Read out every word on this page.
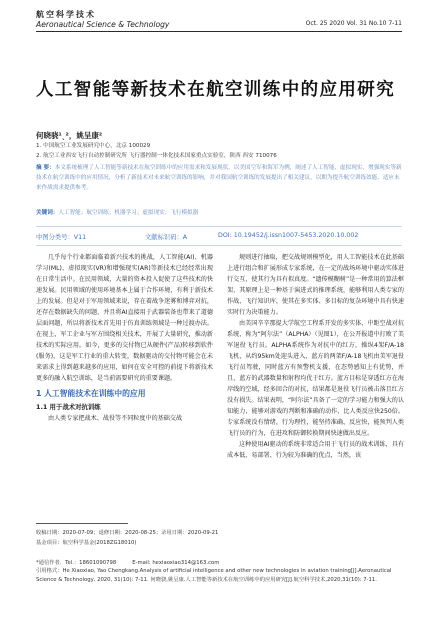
航空科学技术
Aeronautical Science & Technology	Oct. 25 2020 Vol. 31 No.10 7-11
人工智能等新技术在航空训练中的应用研究
何晓骁¹ˎ²，姚呈康²
1. 中国航空工业发展研究中心，北京 100029
2. 航空工业西安飞行自动控制研究所 飞行器控制一体化技术国家重点实验室，陕西 西安 710076
摘 要：本文系统梳理了人工智能等新技术在航空训练中的应用需求和发展现状，以美国空军和海军为例，阐述了人工智能、虚拟现实、增强现实等新技术在航空训练中的应用情况，分析了新技术对未来航空训练的影响，并对我国航空训练的发展提出了相关建议，以期为提升航空训练效能、适应未来作战需求提供参考。
关键词：人工智能；航空训练；机器学习；虚拟现实；飞行模拟器
中图分类号：V11	文献标识码：A	DOI: 10.19452/j.issn1007-5453.2020.10.002
几乎每个行业都面临着新兴技术的挑战，人工智能(AI)、机器学习(ML)、虚拟现实(VR)和增强现实(AR)等新技术已经经常出现在日常生活中。在民用领域，大量的资本投入促使了这些技术的快速发展。民用领域的使用环境基本上属于合作环境，有利于新技术上的发展。但是对于军用领域来说，存在着战争迷雾和博弈对抗，还存在数据缺失的问题，并且将AI直接用于武器装备也带来了道德层面问题，所以将新技术首先用于仿真训练领域是一种过渡办法。在视上，军工企业与军方围绕相关技术，开展了大量研究，推动新技术的实际应用。如今，更多的交付物已从硬件(产品)转移到软件(服务)，这是军工行业的重大转变，数据驱动的交付物可能会在未来需求上得到越来越多的应用，如何在安全可控的前提下将新技术更多的融入航空训练，是当前需要研究的重要课题。
1 人工智能技术在训练中的应用
1.1 用于战术对抗训练
由人类专家把战术、战役等不同粒度中的基础交战

规则进行抽取，把交战规则模型化，用人工智能技术在此基础上进行组合和扩展形成专家系统，在一定的战场环境中驱动实体进行交互，使其行为具有拟真度。“遗传模糊树”是一种常用的算法框架，其原理上是一种基于演进式的推理系统，能够利用人类专家的作战、飞行知识库，使其在多实体、多目标的复杂环境中具有快速实时行为决策能力。

由美国辛辛那提大学航空工程系开发的多实体、中距空战对抗系统，称为“阿尔法”（ALPHA）（见图1），在公开报道中打败了美军退役飞行员。ALPHA系统作为对抗中的红方，操纵4架F/A-18飞机，从约95km处迎头进入，蓝方的两架F/A-18飞机由美军退役飞行员驾驶，同时蓝方有预警机支援，在态势感知上有优势，并且，蓝方的武器数量和射程均优于红方。蓝方目标是穿透红方在海岸线的空域，经多回合的对抗，结果都是退役飞行员被击落且红方没有损失。结果表明，“阿尔法”具备了一定的学习能力和强大的认知能力，能够对游戏的判断和准确的动作，比人类反应快250倍。专家系统没有情绪，行为理性，能坚持准确、反应快，能预判人类飞行员的行为，在进攻和防御转换期间快速做出反应。

这种使用AI驱动的系统非常适合用于飞行员的战术训练，具有成本低、易部署、行为较为准确的优点，当然，该

收稿日期：2020-07-09；退修日期：2020-08-25；录用日期：2020-09-21
基金项目：航空科学基金(2018ZG18010)
*通信作者．Tel.：18601090798	E-mail: hexiaoxiao314@163.com
引用格式：He Xiaoxiao, Yao Chengkang.Analysis of artificial intelligence and other new technologies in aviation training[J].Aeronautical Science & Technology, 2020, 31(10): 7-11. 何晓骁,姚呈康.人工智能等新技术在航空训练中的应用研究[J].航空科学技术,2020,31(10): 7-11.
